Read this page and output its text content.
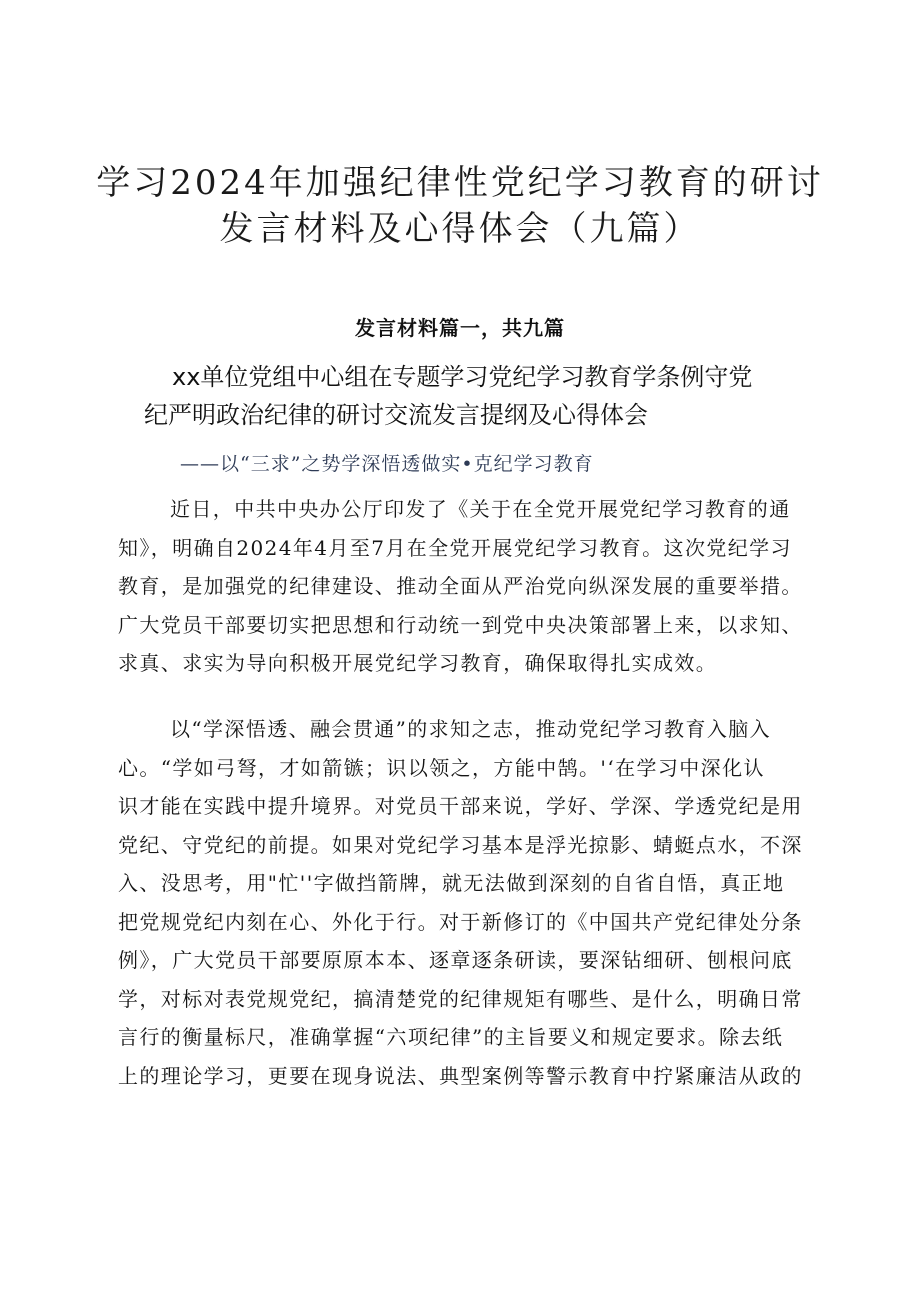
学习2024年加强纪律性党纪学习教育的研讨
发言材料及心得体会（九篇）
发言材料篇一，共九篇
xx单位党组中心组在专题学习党纪学习教育学条例守党
纪严明政治纪律的研讨交流发言提纲及心得体会
——以“三求”之势学深悟透做实•克纪学习教育

近日，中共中央办公厅印发了《关于在全党开展党纪学习教育的通
知》，明确自2024年4月至7月在全党开展党纪学习教育。这次党纪学习
教育，是加强党的纪律建设、推动全面从严治党向纵深发展的重要举措。
广大党员干部要切实把思想和行动统一到党中央决策部署上来，以求知、
求真、求实为导向积极开展党纪学习教育，确保取得扎实成效。

以“学深悟透、融会贯通”的求知之志，推动党纪学习教育入脑入
心。“学如弓弩，才如箭镞；识以领之，方能中鹄。'‘在学习中深化认
识才能在实践中提升境界。对党员干部来说，学好、学深、学透党纪是用
党纪、守党纪的前提。如果对党纪学习基本是浮光掠影、蜻蜓点水，不深
入、没思考，用"忙''字做挡箭牌，就无法做到深刻的自省自悟，真正地
把党规党纪内刻在心、外化于行。对于新修订的《中国共产党纪律处分条
例》，广大党员干部要原原本本、逐章逐条研读，要深钻细研、刨根问底
学，对标对表党规党纪，搞清楚党的纪律规矩有哪些、是什么，明确日常
言行的衡量标尺，准确掌握“六项纪律”的主旨要义和规定要求。除去纸
上的理论学习，更要在现身说法、典型案例等警示教育中拧紧廉洁从政的
